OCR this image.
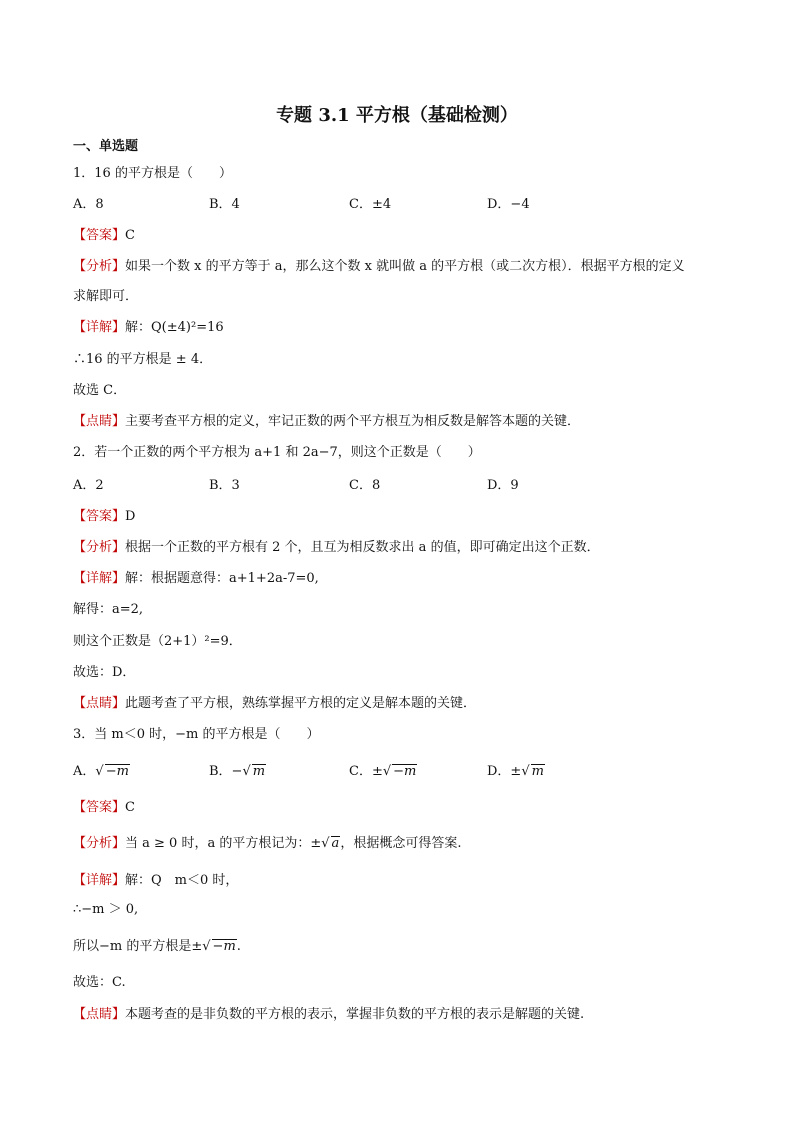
专题 3.1 平方根（基础检测）
一、单选题
1．16 的平方根是（　　）
A．8	B．4	C．±4	D．−4
【答案】C
【分析】如果一个数 x 的平方等于 a，那么这个数 x 就叫做 a 的平方根（或二次方根）．根据平方根的定义
求解即可．
【详解】解：Q(±4)²=16
∴16 的平方根是 ± 4．
故选 C．
【点睛】主要考查平方根的定义，牢记正数的两个平方根互为相反数是解答本题的关键．
2．若一个正数的两个平方根为 a+1 和 2a−7，则这个正数是（　　）
A．2	B．3	C．8	D．9
【答案】D
【分析】根据一个正数的平方根有 2 个，且互为相反数求出 a 的值，即可确定出这个正数．
【详解】解：根据题意得：a+1+2a-7=0,
解得：a=2,
则这个正数是（2+1）²=9．
故选：D．
【点睛】此题考查了平方根，熟练掌握平方根的定义是解本题的关键．
3．当 m＜0 时，−m 的平方根是（　　）
A．√ −m	B．−√ m	C．±√ −m	D．±√ m
【答案】C
【分析】当 a ≥ 0 时，a 的平方根记为：±√ a，根据概念可得答案.
【详解】解：Q　m＜0 时，
∴−m ＞ 0,
所以−m 的平方根是±√ −m.
故选：C.
【点睛】本题考查的是非负数的平方根的表示，掌握非负数的平方根的表示是解题的关键.
